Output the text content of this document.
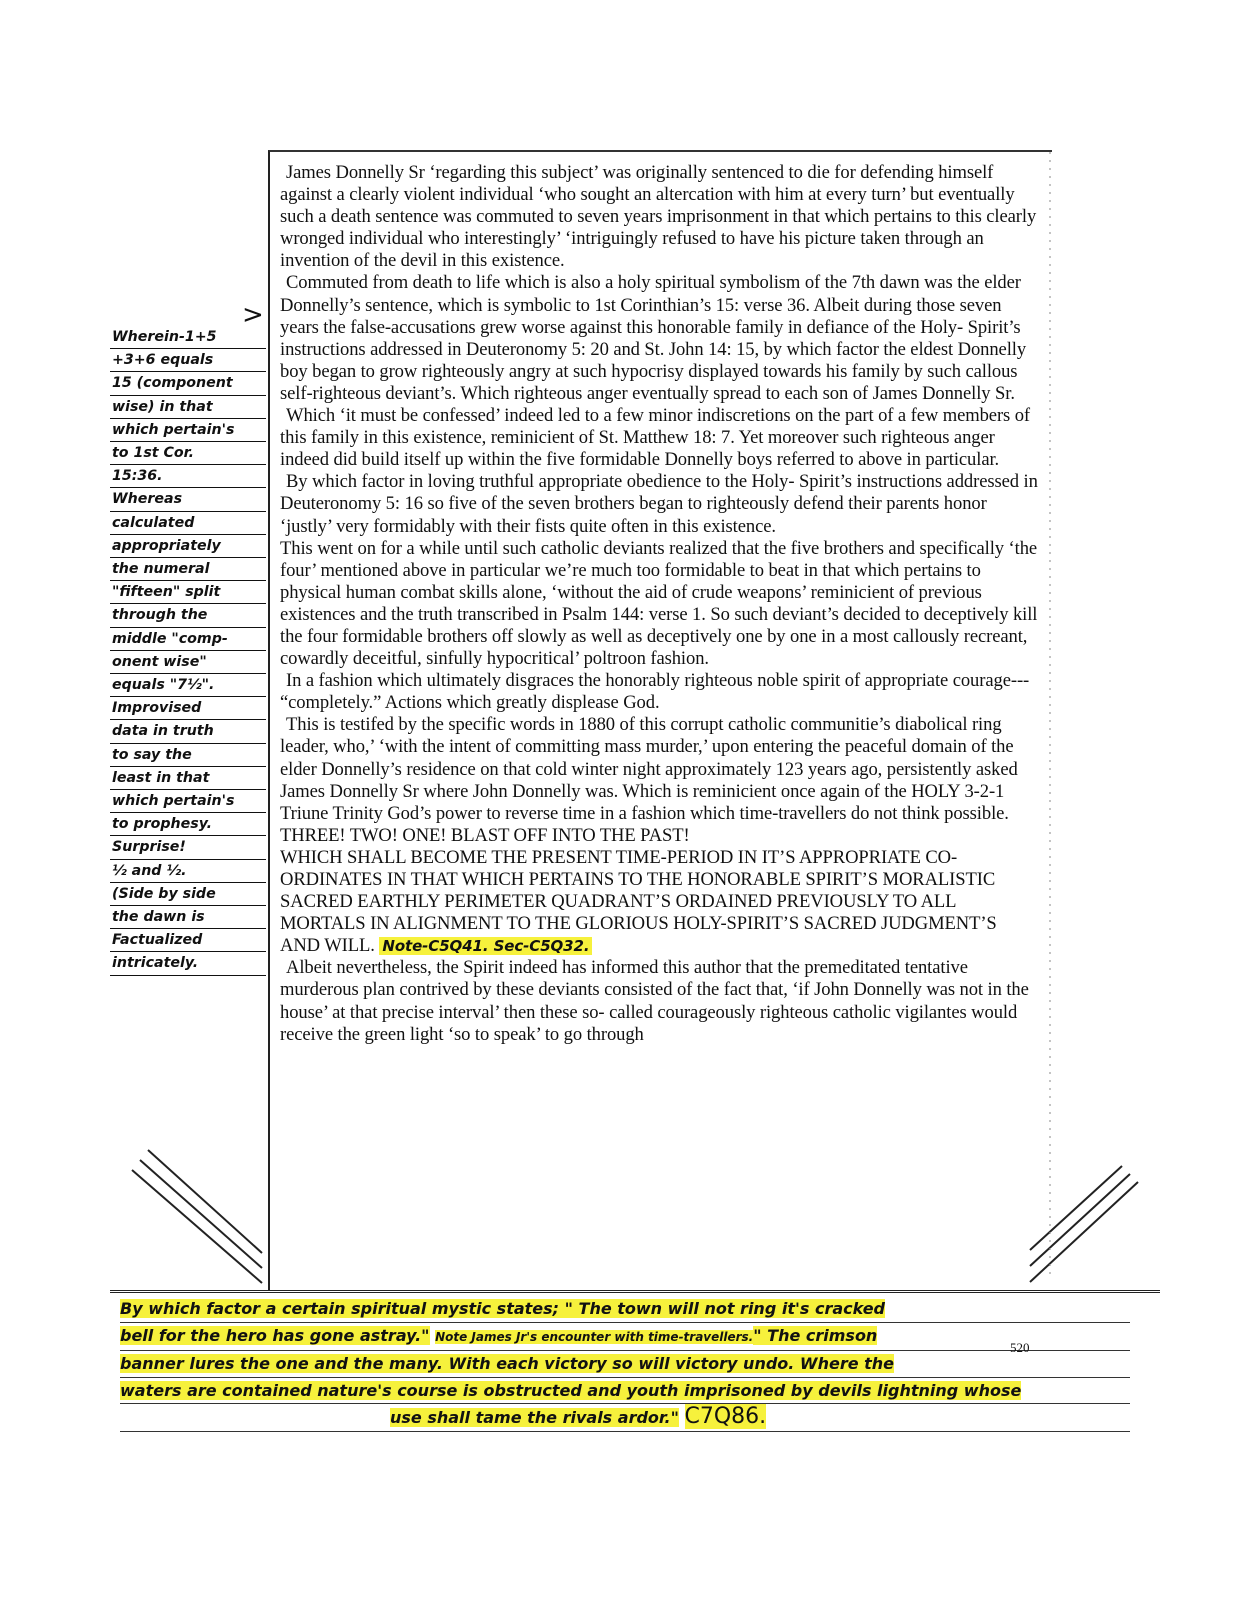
>
Wherein-1+5
+3+6 equals
15 (component
wise) in that
which pertain's
to 1st Cor.
15:36.
Whereas
calculated
appropriately
the numeral
"fifteen" split
through the
middle "comp-
onent wise"
equals "7½".
Improvised
data in truth
to say the
least in that
which pertain's
to prophesy.
Surprise!
½ and ½.
(Side by side
the dawn is
Factualized
intricately.

James Donnelly Sr ‘regarding this subject’ was originally sentenced to die for defending himself against a clearly violent individual ‘who sought an altercation with him at every turn’ but eventually such a death sentence was commuted to seven years imprisonment in that which pertains to this clearly wronged individual who interestingly’ ‘intriguingly refused to have his picture taken through an invention of the devil in this existence.

Commuted from death to life which is also a holy spiritual symbolism of the 7th dawn was the elder Donnelly’s sentence, which is symbolic to 1st Corinthian’s 15: verse 36. Albeit during those seven years the false-accusations grew worse against this honorable family in defiance of the Holy- Spirit’s instructions addressed in Deuteronomy 5: 20 and St. John 14: 15, by which factor the eldest Donnelly boy began to grow righteously angry at such hypocrisy displayed towards his family by such callous self-righteous deviant’s. Which righteous anger eventually spread to each son of James Donnelly Sr.

Which ‘it must be confessed’ indeed led to a few minor indiscretions on the part of a few members of this family in this existence, reminicient of St. Matthew 18: 7. Yet moreover such righteous anger indeed did build itself up within the five formidable Donnelly boys referred to above in particular.

By which factor in loving truthful appropriate obedience to the Holy- Spirit’s instructions addressed in Deuteronomy 5: 16 so five of the seven brothers began to righteously defend their parents honor ‘justly’ very formidably with their fists quite often in this existence.

This went on for a while until such catholic deviants realized that the five brothers and specifically ‘the four’ mentioned above in particular we’re much too formidable to beat in that which pertains to physical human combat skills alone, ‘without the aid of crude weapons’ reminicient of previous existences and the truth transcribed in Psalm 144: verse 1. So such deviant’s decided to deceptively kill the four formidable brothers off slowly as well as deceptively one by one in a most callously recreant, cowardly deceitful, sinfully hypocritical’ poltroon fashion.

In a fashion which ultimately disgraces the honorably righteous noble spirit of appropriate courage--- “completely.” Actions which greatly displease God.

This is testifed by the specific words in 1880 of this corrupt catholic communitie’s diabolical ring leader, who,’ ‘with the intent of committing mass murder,’ upon entering the peaceful domain of the elder Donnelly’s residence on that cold winter night approximately 123 years ago, persistently asked James Donnelly Sr where John Donnelly was. Which is reminicient once again of the HOLY 3-2-1 Triune Trinity God’s power to reverse time in a fashion which time-travellers do not think possible.

THREE! TWO! ONE! BLAST OFF INTO THE PAST!

WHICH SHALL BECOME THE PRESENT TIME-PERIOD IN IT’S APPROPRIATE CO-ORDINATES IN THAT WHICH PERTAINS TO THE HONORABLE SPIRIT’S MORALISTIC SACRED EARTHLY PERIMETER QUADRANT’S ORDAINED PREVIOUSLY TO ALL MORTALS IN ALIGNMENT TO THE GLORIOUS HOLY-SPIRIT’S SACRED JUDGMENT’S AND WILL. Note-C5Q41. Sec-C5Q32.

Albeit nevertheless, the Spirit indeed has informed this author that the premeditated tentative murderous plan contrived by these deviants consisted of the fact that, ‘if John Donnelly was not in the house’ at that precise interval’ then these so- called courageously righteous catholic vigilantes would receive the green light ‘so to speak’ to go through

By which factor a certain spiritual mystic states; " The town will not ring it's cracked
bell for the hero has gone astray." Note James Jr's encounter with time-travellers." The crimson
banner lures the one and the many. With each victory so will victory undo. Where the
waters are contained nature's course is obstructed and youth imprisoned by devils lightning whose
use shall tame the rivals ardor." C7Q86.
520
